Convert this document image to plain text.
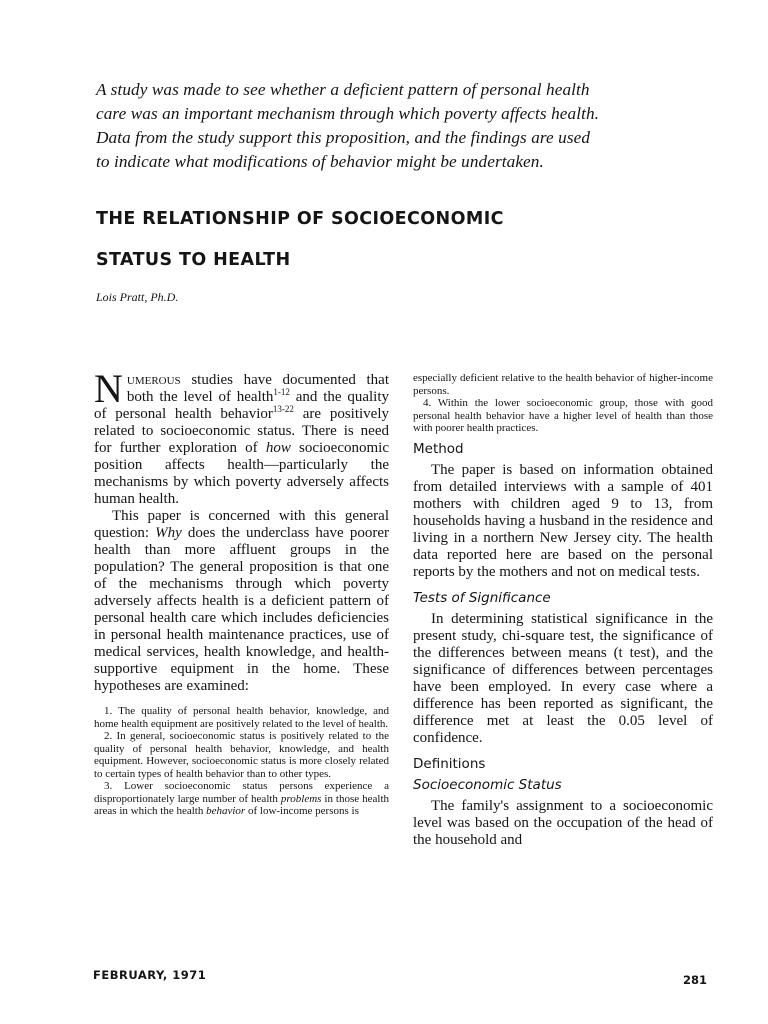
A study was made to see whether a deficient pattern of personal health
care was an important mechanism through which poverty affects health.
Data from the study support this proposition, and the findings are used
to indicate what modifications of behavior might be undertaken.
THE RELATIONSHIP OF SOCIOECONOMIC
STATUS TO HEALTH
Lois Pratt, Ph.D.

Numerous studies have documented that both the level of health$^{1-12}$ and the quality of personal health behavior$^{13-22}$ are positively related to socioeconomic status. There is need for further exploration of how socioeconomic position affects health—particularly the mechanisms by which poverty adversely affects human health.

This paper is concerned with this general question: Why does the underclass have poorer health than more affluent groups in the population? The general proposition is that one of the mechanisms through which poverty adversely affects health is a deficient pattern of personal health care which includes deficiencies in personal health maintenance practices, use of medical services, health knowledge, and health-supportive equipment in the home. These hypotheses are examined:

1. The quality of personal health behavior, knowledge, and home health equipment are positively related to the level of health.

2. In general, socioeconomic status is positively related to the quality of personal health behavior, knowledge, and health equipment. However, socioeconomic status is more closely related to certain types of health behavior than to other types.

3. Lower socioeconomic status persons experience a disproportionately large number of health problems in those health areas in which the health behavior of low-income persons is

especially deficient relative to the health behavior of higher-income persons.

4. Within the lower socioeconomic group, those with good personal health behavior have a higher level of health than those with poorer health practices.

Method

The paper is based on information obtained from detailed interviews with a sample of 401 mothers with children aged 9 to 13, from households having a husband in the residence and living in a northern New Jersey city. The health data reported here are based on the personal reports by the mothers and not on medical tests.

Tests of Significance

In determining statistical significance in the present study, chi-square test, the significance of the differences between means (t test), and the significance of differences between percentages have been employed. In every case where a difference has been reported as significant, the difference met at least the 0.05 level of confidence.

Definitions
Socioeconomic Status

The family's assignment to a socioeconomic level was based on the occupation of the head of the household and

FEBRUARY, 1971	281
